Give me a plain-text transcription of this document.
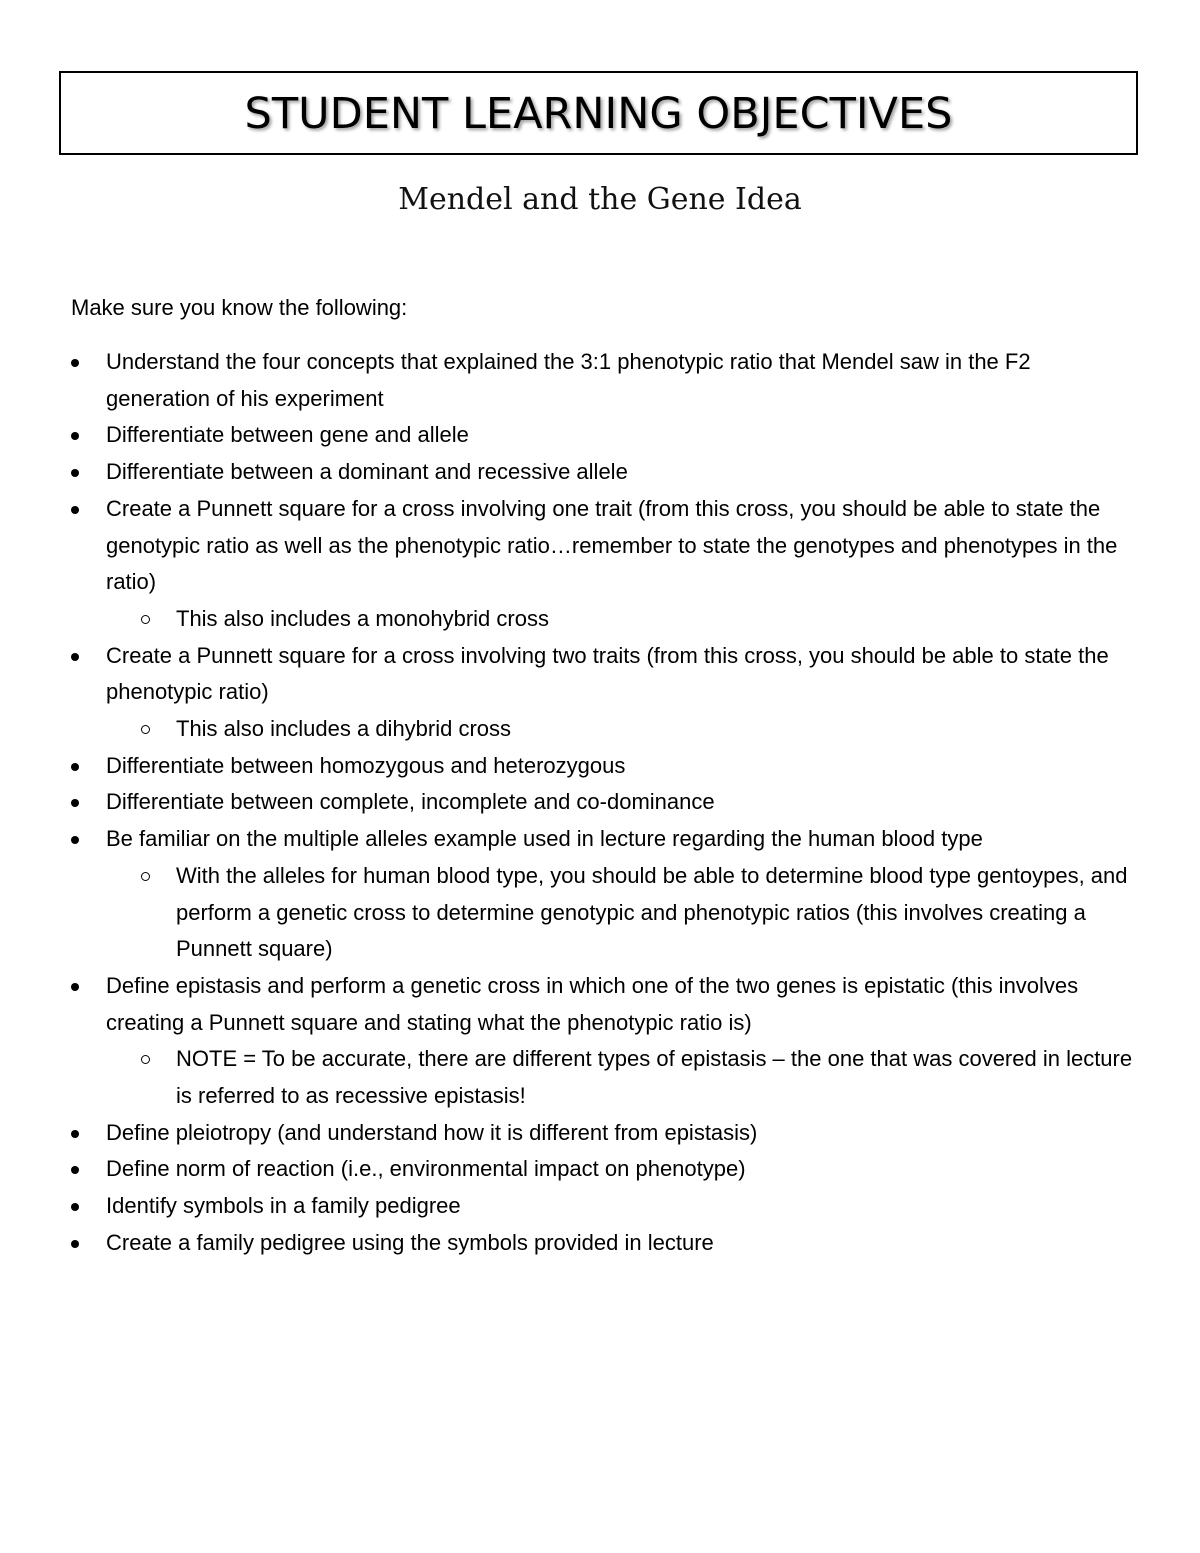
STUDENT LEARNING OBJECTIVES
Mendel and the Gene Idea
Make sure you know the following:
Understand the four concepts that explained the 3:1 phenotypic ratio that Mendel saw in the F2 generation of his experiment
Differentiate between gene and allele
Differentiate between a dominant and recessive allele
Create a Punnett square for a cross involving one trait (from this cross, you should be able to state the genotypic ratio as well as the phenotypic ratio…remember to state the genotypes and phenotypes in the ratio)
This also includes a monohybrid cross
Create a Punnett square for a cross involving two traits (from this cross, you should be able to state the phenotypic ratio)
This also includes a dihybrid cross
Differentiate between homozygous and heterozygous
Differentiate between complete, incomplete and co-dominance
Be familiar on the multiple alleles example used in lecture regarding the human blood type
With the alleles for human blood type, you should be able to determine blood type gentoypes, and perform a genetic cross to determine genotypic and phenotypic ratios (this involves creating a Punnett square)
Define epistasis and perform a genetic cross in which one of the two genes is epistatic (this involves creating a Punnett square and stating what the phenotypic ratio is)
NOTE = To be accurate, there are different types of epistasis – the one that was covered in lecture is referred to as recessive epistasis!
Define pleiotropy (and understand how it is different from epistasis)
Define norm of reaction (i.e., environmental impact on phenotype)
Identify symbols in a family pedigree
Create a family pedigree using the symbols provided in lecture
